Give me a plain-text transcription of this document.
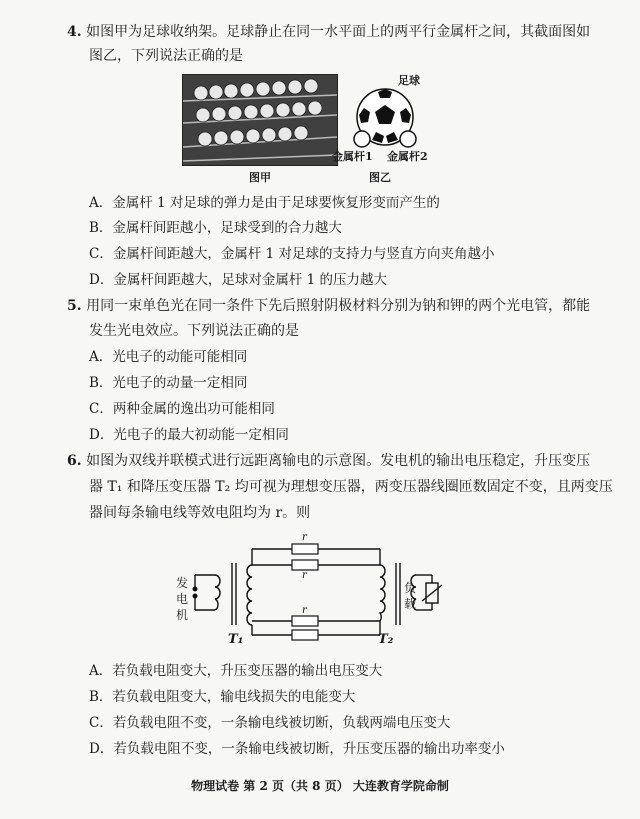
4. 如图甲为足球收纳架。足球静止在同一水平面上的两平行金属杆之间，其截面图如
图乙，下列说法正确的是
图甲
足球
金属杆1 金属杆2
图乙
A．金属杆 1 对足球的弹力是由于足球要恢复形变而产生的
B．金属杆间距越小，足球受到的合力越大
C．金属杆间距越大，金属杆 1 对足球的支持力与竖直方向夹角越小
D．金属杆间距越大，足球对金属杆 1 的压力越大
5. 用同一束单色光在同一条件下先后照射阴极材料分别为钠和钾的两个光电管，都能
发生光电效应。下列说法正确的是
A．光电子的动能可能相同
B．光电子的动量一定相同
C．两种金属的逸出功可能相同
D．光电子的最大初动能一定相同
6. 如图为双线并联模式进行远距离输电的示意图。发电机的输出电压稳定，升压变压
器 T₁ 和降压变压器 T₂ 均可视为理想变压器，两变压器线圈匝数固定不变，且两变压
器间每条输电线等效电阻均为 r。则
r
r
r
发电机
负载
T₁	T₂
A．若负载电阻变大，升压变压器的输出电压变大
B．若负载电阻变大，输电线损失的电能变大
C．若负载电阻不变，一条输电线被切断，负载两端电压变大
D．若负载电阻不变，一条输电线被切断，升压变压器的输出功率变小
物理试卷 第 2 页（共 8 页） 大连教育学院命制
